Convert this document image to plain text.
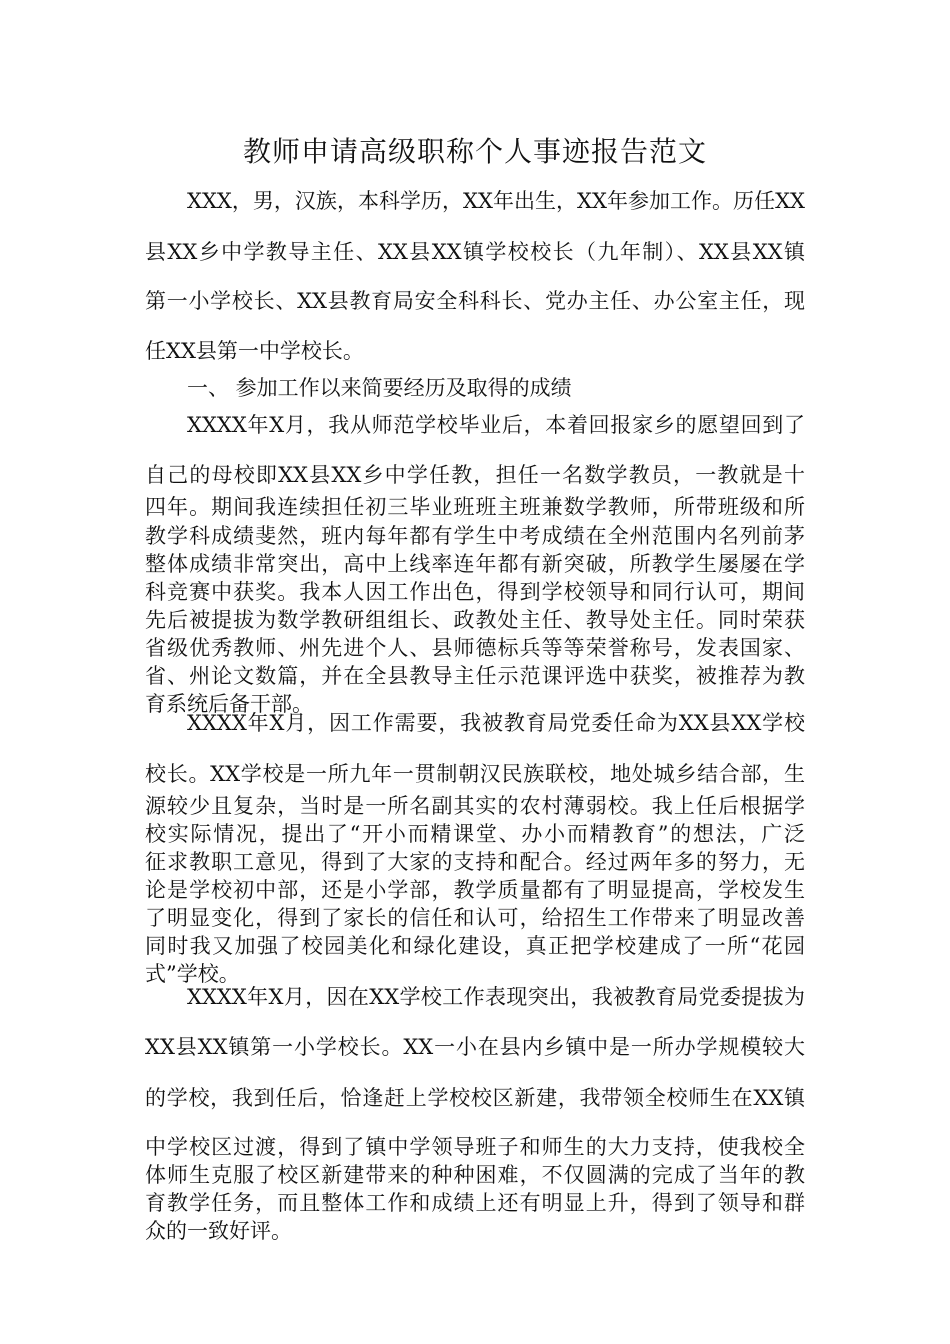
教师申请高级职称个人事迹报告范文
XXX，男，汉族，本科学历，XX年出生，XX年参加工作。历任XX
县XX乡中学教导主任、XX县XX镇学校校长（九年制）、XX县XX镇
第一小学校长、XX县教育局安全科科长、党办主任、办公室主任，现
任XX县第一中学校长。
一、 参加工作以来简要经历及取得的成绩
XXXX年X月，我从师范学校毕业后，本着回报家乡的愿望回到了
自己的母校即XX县XX乡中学任教，担任一名数学教员，一教就是十
四年。期间我连续担任初三毕业班班主班兼数学教师，所带班级和所
教学科成绩斐然，班内每年都有学生中考成绩在全州范围内名列前茅
整体成绩非常突出，高中上线率连年都有新突破，所教学生屡屡在学
科竞赛中获奖。我本人因工作出色，得到学校领导和同行认可，期间
先后被提拔为数学教研组组长、政教处主任、教导处主任。同时荣获
省级优秀教师、州先进个人、县师德标兵等等荣誉称号，发表国家、
省、州论文数篇，并在全县教导主任示范课评选中获奖，被推荐为教
育系统后备干部。
XXXX年X月，因工作需要，我被教育局党委任命为XX县XX学校
校长。XX学校是一所九年一贯制朝汉民族联校，地处城乡结合部，生
源较少且复杂，当时是一所名副其实的农村薄弱校。我上任后根据学
校实际情况，提出了“开小而精课堂、办小而精教育”的想法，广泛
征求教职工意见，得到了大家的支持和配合。经过两年多的努力，无
论是学校初中部，还是小学部，教学质量都有了明显提高，学校发生
了明显变化，得到了家长的信任和认可，给招生工作带来了明显改善
同时我又加强了校园美化和绿化建设，真正把学校建成了一所“花园
式”学校。
XXXX年X月，因在XX学校工作表现突出，我被教育局党委提拔为
XX县XX镇第一小学校长。XX一小在县内乡镇中是一所办学规模较大
的学校，我到任后，恰逢赶上学校校区新建，我带领全校师生在XX镇
中学校区过渡，得到了镇中学领导班子和师生的大力支持，使我校全
体师生克服了校区新建带来的种种困难，不仅圆满的完成了当年的教
育教学任务，而且整体工作和成绩上还有明显上升，得到了领导和群
众的一致好评。
